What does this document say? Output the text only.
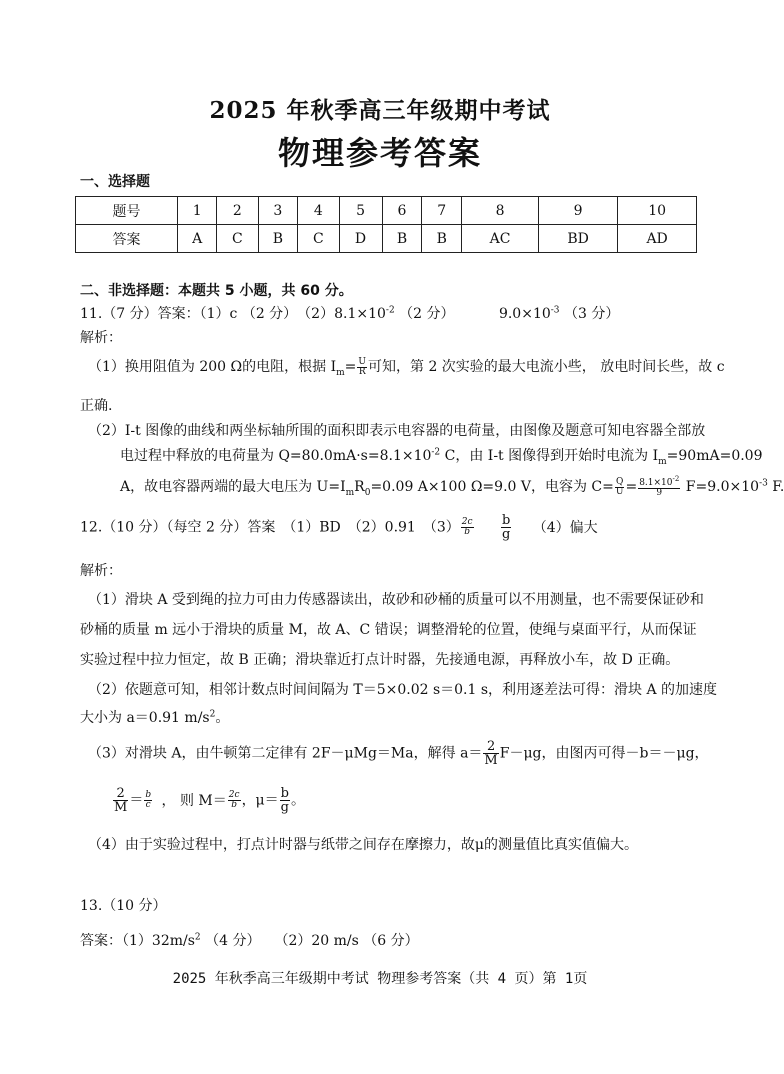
2025 年秋季高三年级期中考试
物理参考答案
一、选择题
题号	1	2	3	4	5	6	7	8	9	10
答案	A	C	B	C	D	B	B	AC	BD	AD
二、非选择题：本题共 5 小题，共 60 分。
11.（7 分）答案：（1）c （2 分）　$(2)8.1\times 10^{-2}$ （2 分）	$9.0\times 10^{-3}$ （3 分）
解析：
（1）换用阻值为 200 Ω的电阻，根据 $I_m= \frac{U}{R}$ 可知，第 2 次实验的最大电流小些， 放电时间长些，故 c
正确.
（2）I-t 图像的曲线和两坐标轴所围的面积即表示电容器的电荷量，由图像及题意可知电容器全部放
电过程中释放的电荷量为 $Q=80.0mA\cdot s=8.1\times 10^{-2}$ C，由 I-t 图像得到开始时电流为 $I_m=90mA=0.09$
A，故电容器两端的最大电压为 $U=I_mR_0=0.09$ A×100 Ω=9.0 V，电容为 $C= \frac{Q}{U} = \frac{8.1\times 10^{-2}}{9} F=9.0\times 10^{-3}$ F.
12.（10 分）（每空 2 分）答案　（1）BD　（2）0.91　$(3) \frac{2c}{b}$
$\frac{b}{g} (4)$偏大
解析：
（1）滑块 A 受到绳的拉力可由力传感器读出，故砂和砂桶的质量可以不用测量，也不需要保证砂和
砂桶的质量 m 远小于滑块的质量 M，故 A、C 错误；调整滑轮的位置，使绳与桌面平行，从而保证
实验过程中拉力恒定，故 B 正确；滑块靠近打点计时器，先接通电源，再释放小车，故 D 正确。
（2）依题意可知，相邻计数点时间间隔为 T＝5×0.02 s＝0.1 s，利用逐差法可得：滑块 A 的加速度
大小为 a＝0.91 $m/s^2$。
（3）对滑块 A，由牛顿第二定律有 2F－μMg＝Ma，解得 $a= \frac{2}{M} F-\mu g$，由图丙可得－b＝－μg，
$\frac{2}{M} = \frac{b}{c}$ ， 则 $M= \frac{2c}{b}$ ，$\mu= \frac{b}{g}$ 。
（4）由于实验过程中，打点计时器与纸带之间存在摩擦力，故μ的测量值比真实值偏大。
13.（10 分）
答案：$(1)32m/s^2$ （4 分）　　（2）20 m/s （6 分）
2025 年秋季高三年级期中考试 物理参考答案（共 4 页）第 1页
